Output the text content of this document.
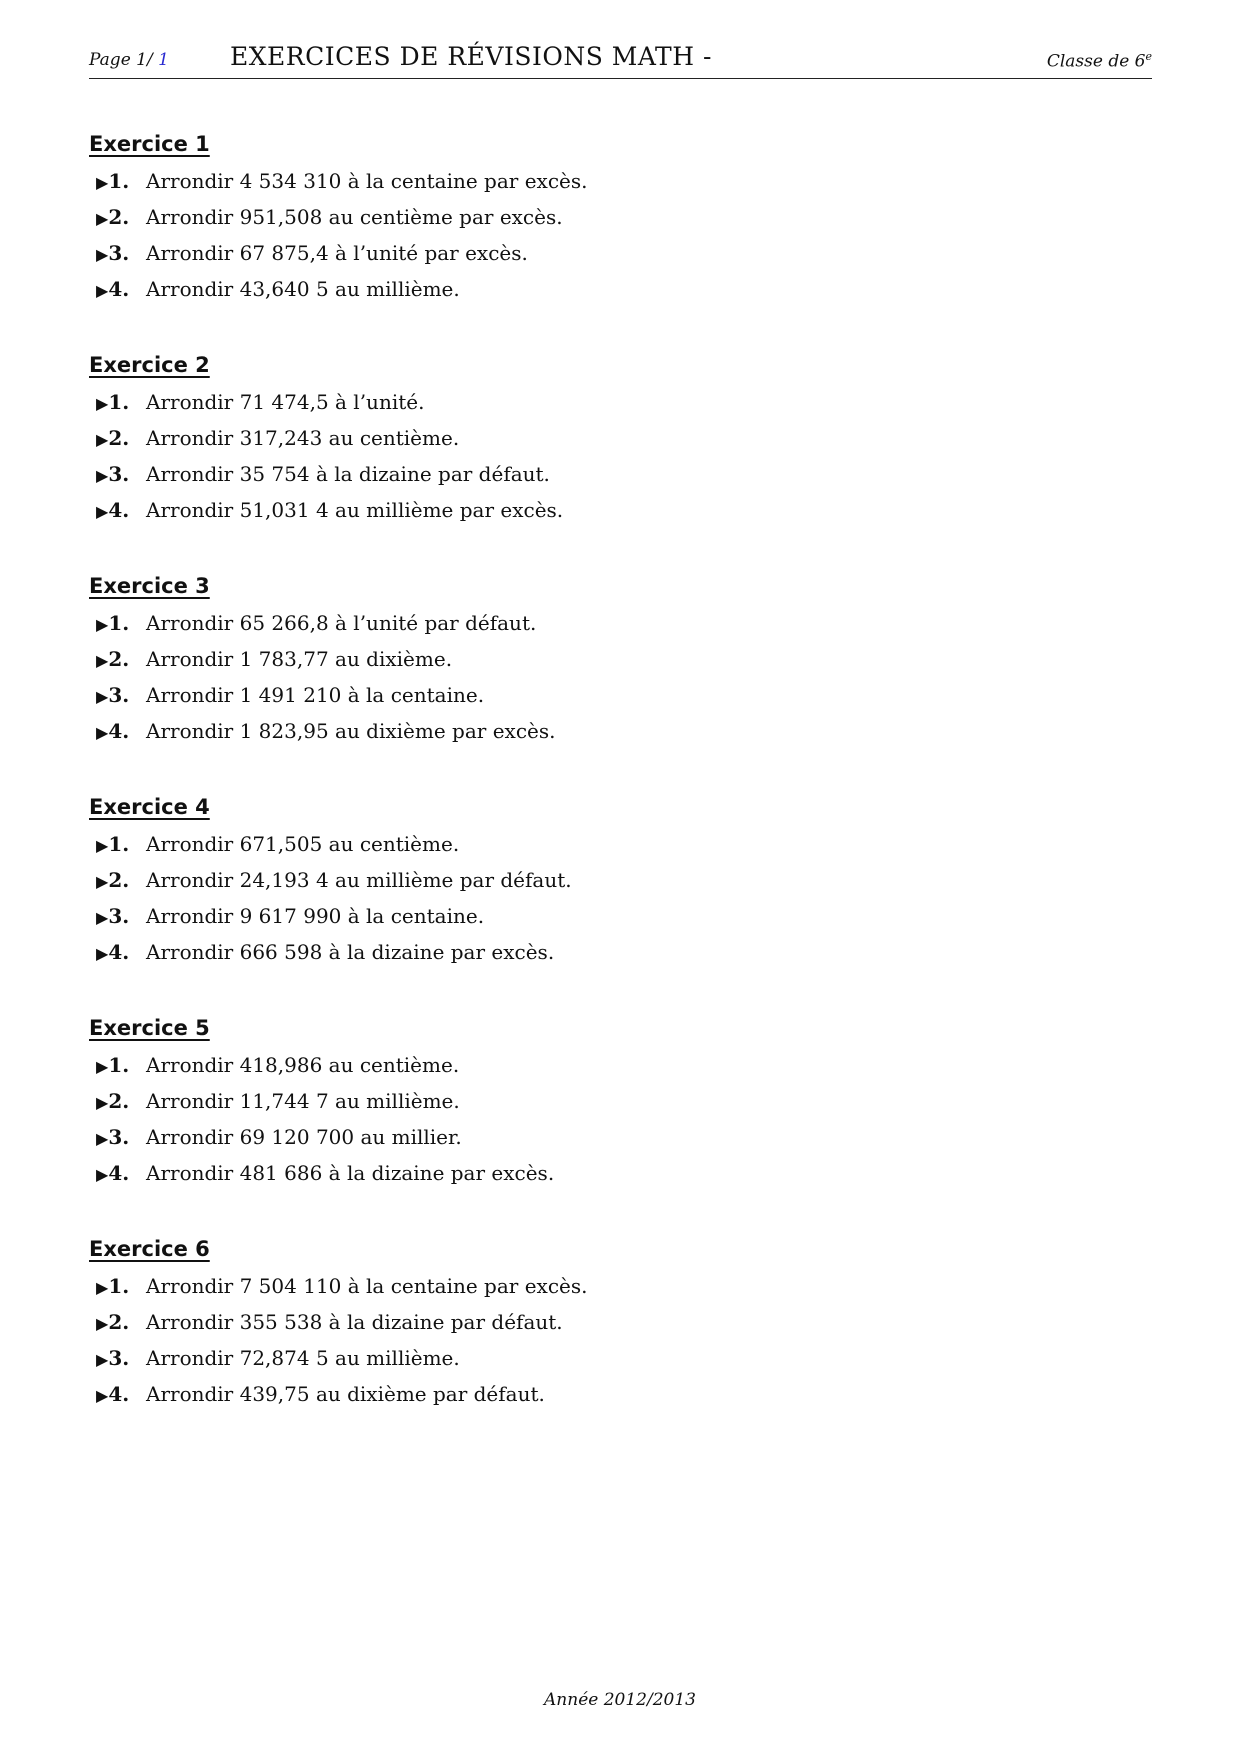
Page 1/ 1 EXERCICES DE RÉVISIONS MATH -	Classe de 6e
Exercice 1
▶1. Arrondir 4 534 310 à la centaine par excès.
▶2. Arrondir 951,508 au centième par excès.
▶3. Arrondir 67 875,4 à l’unité par excès.
▶4. Arrondir 43,640 5 au millième.
Exercice 2
▶1. Arrondir 71 474,5 à l’unité.
▶2. Arrondir 317,243 au centième.
▶3. Arrondir 35 754 à la dizaine par défaut.
▶4. Arrondir 51,031 4 au millième par excès.
Exercice 3
▶1. Arrondir 65 266,8 à l’unité par défaut.
▶2. Arrondir 1 783,77 au dixième.
▶3. Arrondir 1 491 210 à la centaine.
▶4. Arrondir 1 823,95 au dixième par excès.
Exercice 4
▶1. Arrondir 671,505 au centième.
▶2. Arrondir 24,193 4 au millième par défaut.
▶3. Arrondir 9 617 990 à la centaine.
▶4. Arrondir 666 598 à la dizaine par excès.
Exercice 5
▶1. Arrondir 418,986 au centième.
▶2. Arrondir 11,744 7 au millième.
▶3. Arrondir 69 120 700 au millier.
▶4. Arrondir 481 686 à la dizaine par excès.
Exercice 6
▶1. Arrondir 7 504 110 à la centaine par excès.
▶2. Arrondir 355 538 à la dizaine par défaut.
▶3. Arrondir 72,874 5 au millième.
▶4. Arrondir 439,75 au dixième par défaut.
Année 2012/2013
